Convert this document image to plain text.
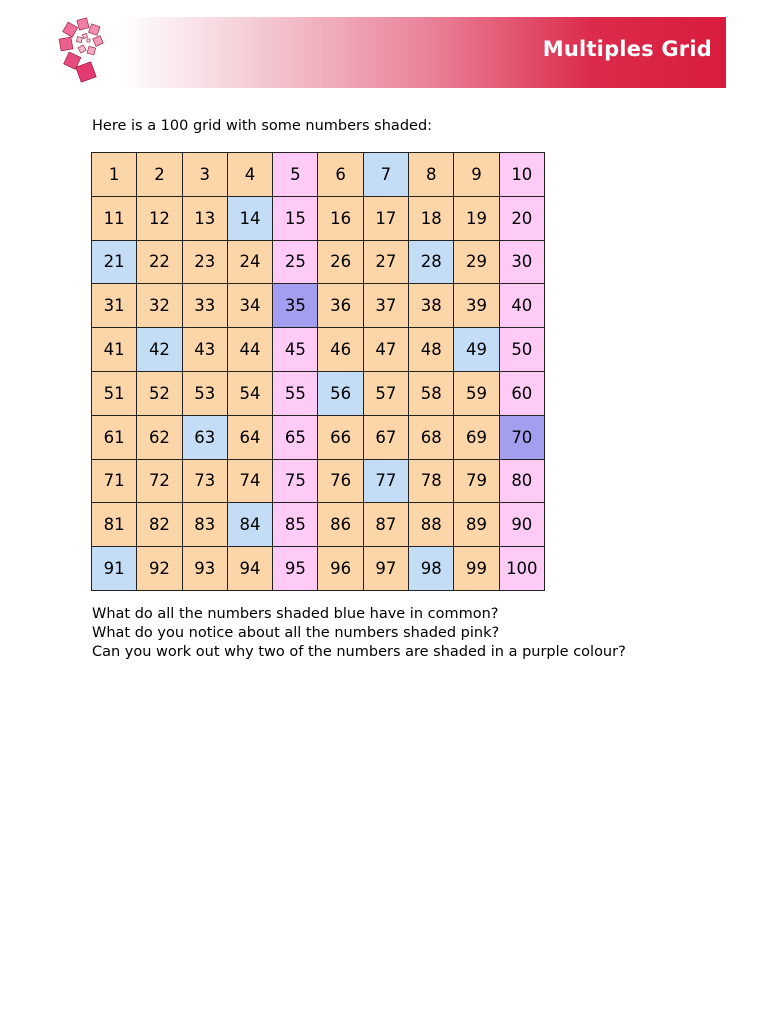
Multiples Grid
Here is a 100 grid with some numbers shaded:
1	2	3	4	5	6	7	8	9	10
11	12	13	14	15	16	17	18	19	20
21	22	23	24	25	26	27	28	29	30
31	32	33	34	35	36	37	38	39	40
41	42	43	44	45	46	47	48	49	50
51	52	53	54	55	56	57	58	59	60
61	62	63	64	65	66	67	68	69	70
71	72	73	74	75	76	77	78	79	80
81	82	83	84	85	86	87	88	89	90
91	92	93	94	95	96	97	98	99	100

What do all the numbers shaded blue have in common?

What do you notice about all the numbers shaded pink?

Can you work out why two of the numbers are shaded in a purple colour?
